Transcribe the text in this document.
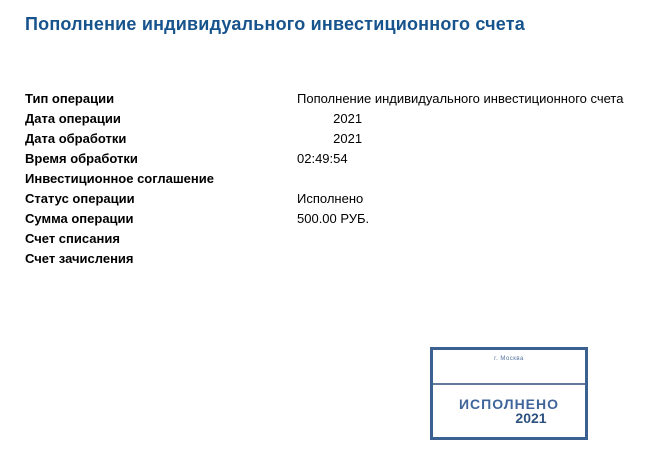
Пополнение индивидуального инвестиционного счета
Тип операции	Пополнение индивидуального инвестиционного счета
Дата операции	2021
Дата обработки	2021
Время обработки	02:49:54
Инвестиционное соглашение
Статус операции	Исполнено
Сумма операции	500.00 РУБ.
Счет списания
Счет зачисления
г. Москва
ИСПОЛНЕНО
2021
